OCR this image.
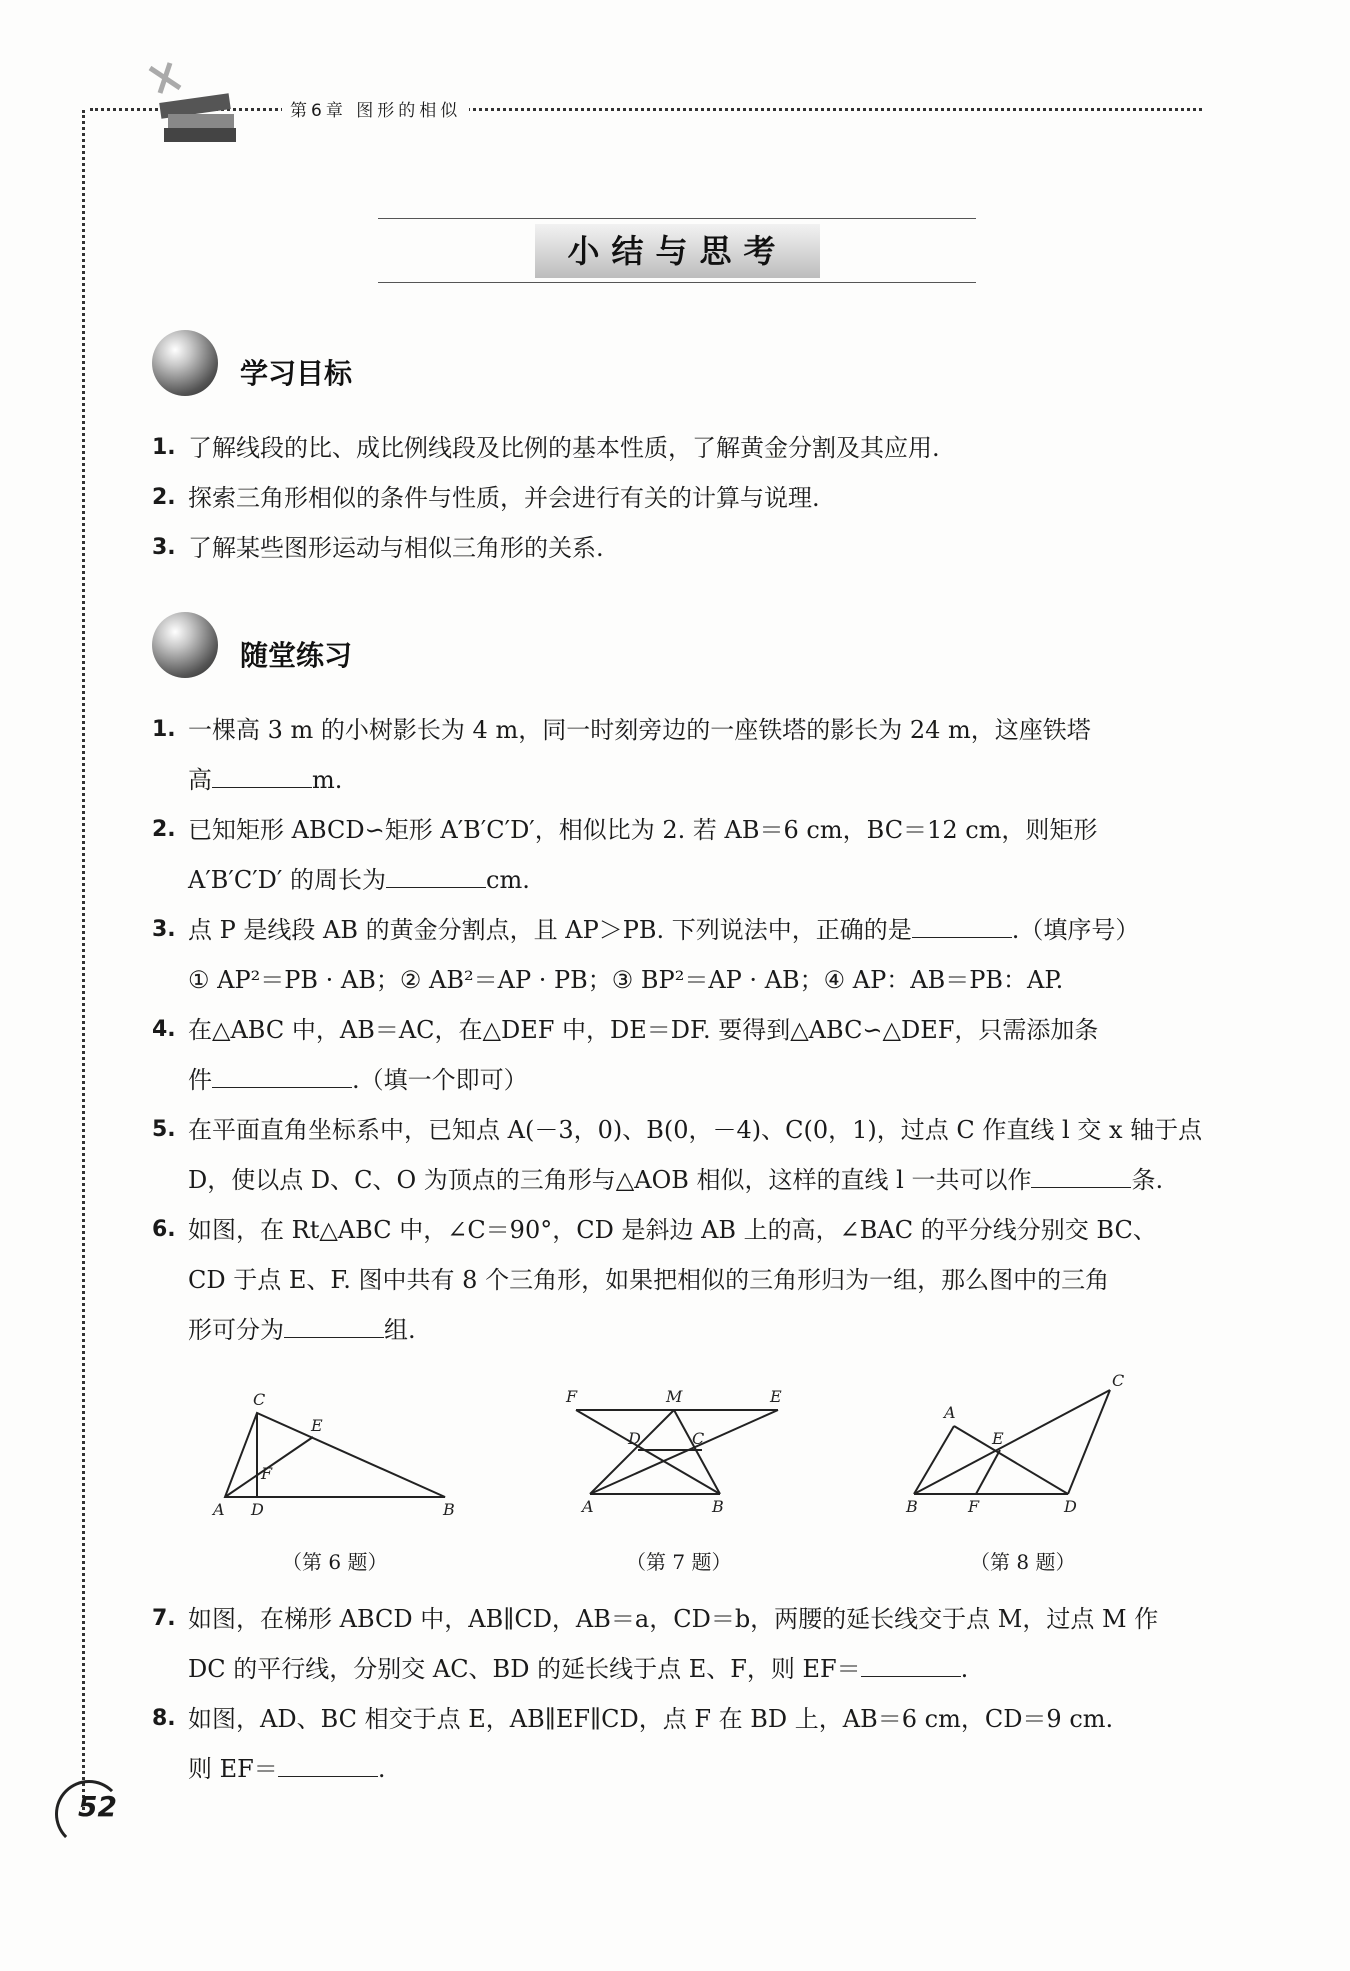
第6章 图形的相似
小结与思考
学习目标
1. 了解线段的比、成比例线段及比例的基本性质，了解黄金分割及其应用.
2. 探索三角形相似的条件与性质，并会进行有关的计算与说理.
3. 了解某些图形运动与相似三角形的关系.
随堂练习
1. 一棵高 3 m 的小树影长为 4 m，同一时刻旁边的一座铁塔的影长为 24 m，这座铁塔
高	m.
2. 已知矩形 ABCD∽矩形 A′B′C′D′，相似比为 2. 若 AB＝6 cm，BC＝12 cm，则矩形
A′B′C′D′ 的周长为	cm.
3. 点 P 是线段 AB 的黄金分割点，且 AP＞PB. 下列说法中，正确的是	.（填序号）
① AP²＝PB · AB；② AB²＝AP · PB；③ BP²＝AP · AB；④ AP：AB＝PB：AP.
4. 在△ABC 中，AB＝AC，在△DEF 中，DE＝DF. 要得到△ABC∽△DEF，只需添加条
件	.（填一个即可）
5. 在平面直角坐标系中，已知点 A(－3，0)、B(0，－4)、C(0，1)，过点 C 作直线 l 交 x 轴于点
D，使以点 D、C、O 为顶点的三角形与△AOB 相似，这样的直线 l 一共可以作	条.
6. 如图，在 Rt△ABC 中，∠C＝90°，CD 是斜边 AB 上的高，∠BAC 的平分线分别交 BC、
CD 于点 E、F. 图中共有 8 个三角形，如果把相似的三角形归为一组，那么图中的三角
形可分为	组.
C
E
F
A D	B
（第 6 题）
F	M	E
D	C
A	B
（第 7 题）
C
A
E
B	F	D
（第 8 题）
7. 如图，在梯形 ABCD 中，AB∥CD，AB＝a，CD＝b，两腰的延长线交于点 M，过点 M 作
DC 的平行线，分别交 AC、BD 的延长线于点 E、F，则 EF＝	.
8. 如图，AD、BC 相交于点 E，AB∥EF∥CD，点 F 在 BD 上，AB＝6 cm，CD＝9 cm.
则 EF＝	.
52
